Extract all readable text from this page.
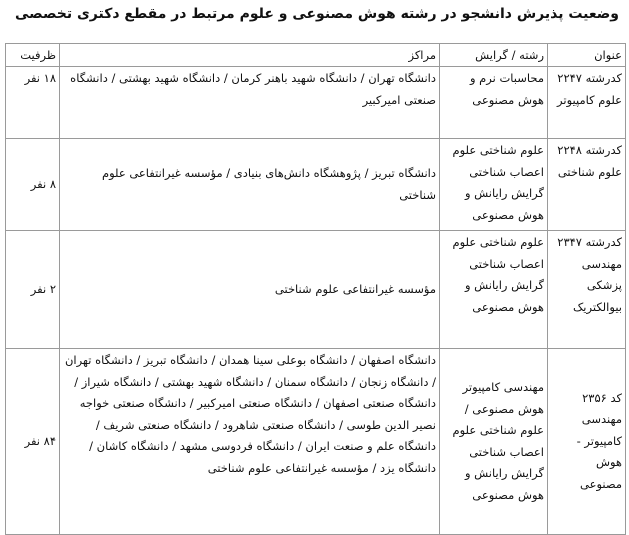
وضعیت پذیرش دانشجو در رشته هوش مصنوعی و علوم مرتبط در مقطع دکتری تخصصی
عنوان	رشته / گرایش	مراکز	ظرفیت
کدرشته ۲۲۴۷ علوم کامپیوتر	محاسبات نرم و هوش مصنوعی	دانشگاه تهران / دانشگاه شهید باهنر کرمان / دانشگاه شهید بهشتی / دانشگاه صنعتی امیرکبیر	۱۸ نفر
کدرشته ۲۲۴۸ علوم شناختی	علوم شناختی علوم اعصاب شناختی گرایش رایانش و هوش مصنوعی	دانشگاه تبریز / پژوهشگاه دانش‌های بنیادی / مؤسسه غیرانتفاعی علوم شناختی	۸ نفر
کدرشته ۲۳۴۷ مهندسی پزشکی بیوالکتریک	علوم شناختی علوم اعصاب شناختی گرایش رایانش و هوش مصنوعی	مؤسسه غیرانتفاعی علوم شناختی	۲ نفر
کد ۲۳۵۶ مهندسی کامپیوتر - هوش مصنوعی	مهندسی کامپیوتر هوش مصنوعی / علوم شناختی علوم اعصاب شناختی گرایش رایانش و هوش مصنوعی	دانشگاه اصفهان / دانشگاه بوعلی سینا همدان / دانشگاه تبریز / دانشگاه تهران / دانشگاه زنجان / دانشگاه سمنان / دانشگاه شهید بهشتی / دانشگاه شیراز / دانشگاه صنعتی اصفهان / دانشگاه صنعتی امیرکبیر / دانشگاه صنعتی خواجه نصیر الدین طوسی / دانشگاه صنعتی شاهرود / دانشگاه صنعتی شریف / دانشگاه علم و صنعت ایران / دانشگاه فردوسی مشهد / دانشگاه کاشان / دانشگاه یزد / مؤسسه غیرانتفاعی علوم شناختی	۸۴ نفر
